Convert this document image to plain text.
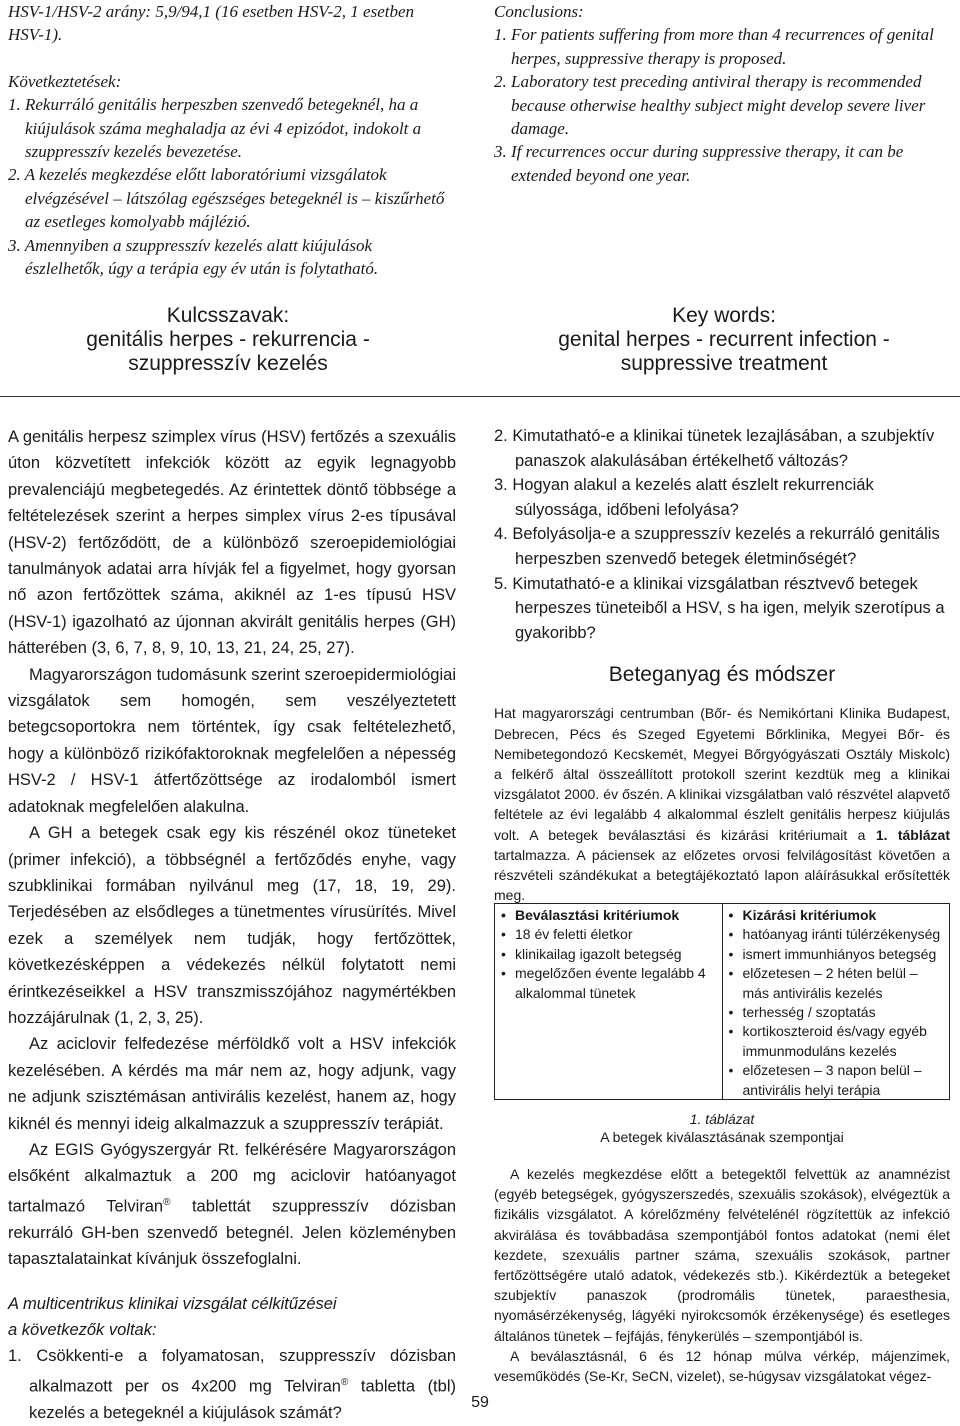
HSV-1/HSV-2 arány: 5,9/94,1 (16 esetben HSV-2, 1 esetben HSV-1).

Következtetések:

1. Rekurráló genitális herpeszben szenvedő betegeknél, ha a kiújulások száma meghaladja az évi 4 epizódot, indokolt a szuppresszív kezelés bevezetése.

2. A kezelés megkezdése előtt laboratóriumi vizsgálatok elvégzésével – látszólag egészséges betegeknél is – kiszűrhető az esetleges komolyabb májlézió.

3. Amennyiben a szuppresszív kezelés alatt kiújulások észlelhetők, úgy a terápia egy év után is folytatható.

Conclusions:

1. For patients suffering from more than 4 recurrences of genital herpes, suppressive therapy is proposed.

2. Laboratory test preceding antiviral therapy is recommended because otherwise healthy subject might develop severe liver damage.

3. If recurrences occur during suppressive therapy, it can be extended beyond one year.

Kulcsszavak:
genitális herpes - rekurrencia -
szuppresszív kezelés
Key words:
genital herpes - recurrent infection -
suppressive treatment

A genitális herpesz szimplex vírus (HSV) fertőzés a szexuális úton közvetített infekciók között az egyik legnagyobb prevalenciájú megbetegedés. Az érintettek döntő többsége a feltételezések szerint a herpes simplex vírus 2-es típusával (HSV-2) fertőződött, de a különböző szeroepidemiológiai tanulmányok adatai arra hívják fel a figyelmet, hogy gyorsan nő azon fertőzöttek száma, akiknél az 1-es típusú HSV (HSV-1) igazolható az újonnan akvirált genitális herpes (GH) hátterében (3, 6, 7, 8, 9, 10, 13, 21, 24, 25, 27).

Magyarországon tudomásunk szerint szeroepidermiológiai vizsgálatok sem homogén, sem veszélyeztetett betegcsoportokra nem történtek, így csak feltételezhető, hogy a különböző rizikófaktoroknak megfelelően a népesség HSV-2 / HSV-1 átfertőzöttsége az irodalomból ismert adatoknak megfelelően alakulna.

A GH a betegek csak egy kis részénél okoz tüneteket (primer infekció), a többségnél a fertőződés enyhe, vagy szubklinikai formában nyilvánul meg (17, 18, 19, 29). Terjedésében az elsődleges a tünetmentes vírusürítés. Mivel ezek a személyek nem tudják, hogy fertőzöttek, következésképpen a védekezés nélkül folytatott nemi érintkezéseikkel a HSV transzmisszójához nagymértékben hozzájárulnak (1, 2, 3, 25).

Az aciclovir felfedezése mérföldkő volt a HSV infekciók kezelésében. A kérdés ma már nem az, hogy adjunk, vagy ne adjunk szisztémásan antivirális kezelést, hanem az, hogy kiknél és mennyi ideig alkalmazzuk a szuppresszív terápiát.

Az EGIS Gyógyszergyár Rt. felkérésére Magyarországon elsőként alkalmaztuk a 200 mg aciclovir hatóanyagot tartalmazó Telviran® tablettát szuppresszív dózisban rekurráló GH-ben szenvedő betegnél. Jelen közleményben tapasztalatainkat kívánjuk összefoglalni.

A multicentrikus klinikai vizsgálat célkitűzései

a következők voltak:

1. Csökkenti-e a folyamatosan, szuppresszív dózisban alkalmazott per os 4x200 mg Telviran® tabletta (tbl) kezelés a betegeknél a kiújulások számát?

2. Kimutatható-e a klinikai tünetek lezajlásában, a szubjektív panaszok alakulásában értékelhető változás?

3. Hogyan alakul a kezelés alatt észlelt rekurrenciák súlyossága, időbeni lefolyása?

4. Befolyásolja-e a szuppresszív kezelés a rekurráló genitális herpeszben szenvedő betegek életminőségét?

5. Kimutatható-e a klinikai vizsgálatban résztvevő betegek herpeszes tüneteiből a HSV, s ha igen, melyik szerotípus a gyakoribb?

Beteganyag és módszer

Hat magyarországi centrumban (Bőr- és Nemikórtani Klinika Budapest, Debrecen, Pécs és Szeged Egyetemi Bőrklinika, Megyei Bőr- és Nemibetegondozó Kecskemét, Megyei Bőrgyógyászati Osztály Miskolc) a felkérő által összeállított protokoll szerint kezdtük meg a klinikai vizsgálatot 2000. év őszén. A klinikai vizsgálatban való részvétel alapvető feltétele az évi legalább 4 alkalommal észlelt genitális herpesz kiújulás volt. A betegek beválasztási és kizárási kritériumait a 1. táblázat tartalmazza. A páciensek az előzetes orvosi felvilágosítást követően a részvételi szándékukat a betegtájékoztató lapon aláírásukkal erősítették meg.

• Beválasztási kritériumok
• 18 év feletti életkor
• klinikailag igazolt betegség
• megelőzően évente legalább 4 alkalommal tünetek
• Kizárási kritériumok
• hatóanyag iránti túlérzékenység
• ismert immunhiányos betegség
• előzetesen – 2 héten belül – más antivirális kezelés
• terhesség / szoptatás
• kortikoszteroid és/vagy egyéb immunmoduláns kezelés
• előzetesen – 3 napon belül – antivirális helyi terápia
1. táblázat
A betegek kiválasztásának szempontjai

A kezelés megkezdése előtt a betegektől felvettük az anamnézist (egyéb betegségek, gyógyszerszedés, szexuális szokások), elvégeztük a fizikális vizsgálatot. A kórelőzmény felvételénél rögzítettük az infekció akvirálása és továbbadása szempontjából fontos adatokat (nemi élet kezdete, szexuális partner száma, szexuális szokások, partner fertőzöttségére utaló adatok, védekezés stb.). Kikérdeztük a betegeket szubjektív panaszok (prodromális tünetek, paraesthesia, nyomásérzékenység, lágyéki nyirokcsomók érzékenysége) és esetleges általános tünetek – fejfájás, fénykerülés – szempontjából is.

A beválasztásnál, 6 és 12 hónap múlva vérkép, májenzimek, veseműködés (Se-Kr, SeCN, vizelet), se-húgysav vizsgálatokat végez-

59
